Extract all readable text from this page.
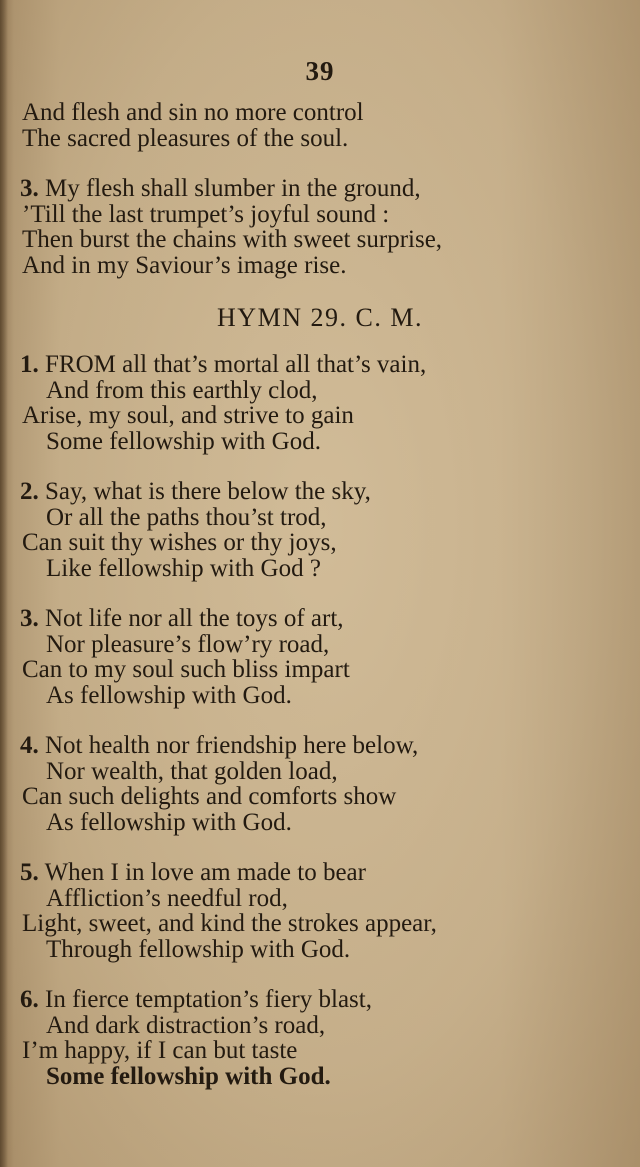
39
And flesh and sin no more control
The sacred pleasures of the soul.
3. My flesh shall slumber in the ground,
’Till the last trumpet’s joyful sound :
Then burst the chains with sweet surprise,
And in my Saviour’s image rise.
HYMN 29. C. M.
1. FROM all that’s mortal all that’s vain,
And from this earthly clod,
Arise, my soul, and strive to gain
Some fellowship with God.
2. Say, what is there below the sky,
Or all the paths thou’st trod,
Can suit thy wishes or thy joys,
Like fellowship with God ?
3. Not life nor all the toys of art,
Nor pleasure’s flow’ry road,
Can to my soul such bliss impart
As fellowship with God.
4. Not health nor friendship here below,
Nor wealth, that golden load,
Can such delights and comforts show
As fellowship with God.
5. When I in love am made to bear
Affliction’s needful rod,
Light, sweet, and kind the strokes appear,
Through fellowship with God.
6. In fierce temptation’s fiery blast,
And dark distraction’s road,
I’m happy, if I can but taste
Some fellowship with God.
